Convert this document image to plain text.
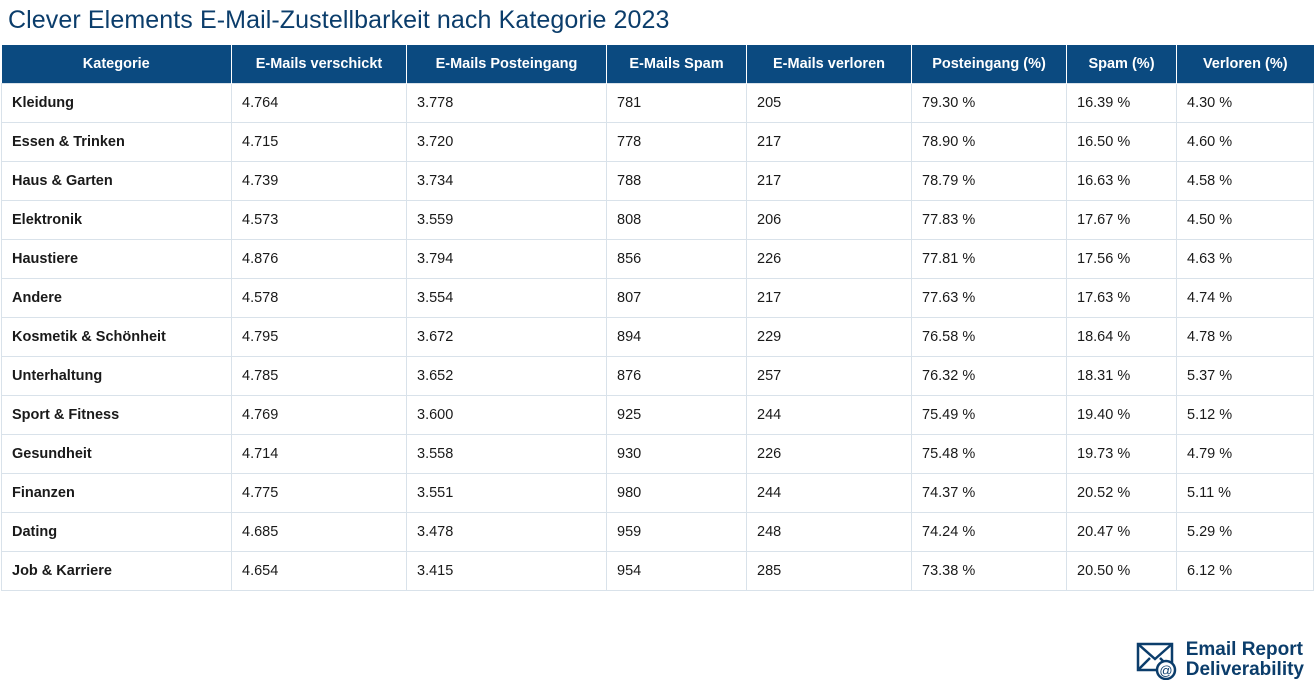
Clever Elements E-Mail-Zustellbarkeit nach Kategorie 2023
Kategorie	E-Mails verschickt	E-Mails Posteingang	E-Mails Spam	E-Mails verloren	Posteingang (%)	Spam (%)	Verloren (%)
Kleidung	4.764	3.778	781	205	79.30 %	16.39 %	4.30 %
Essen & Trinken	4.715	3.720	778	217	78.90 %	16.50 %	4.60 %
Haus & Garten	4.739	3.734	788	217	78.79 %	16.63 %	4.58 %
Elektronik	4.573	3.559	808	206	77.83 %	17.67 %	4.50 %
Haustiere	4.876	3.794	856	226	77.81 %	17.56 %	4.63 %
Andere	4.578	3.554	807	217	77.63 %	17.63 %	4.74 %
Kosmetik & Schönheit	4.795	3.672	894	229	76.58 %	18.64 %	4.78 %
Unterhaltung	4.785	3.652	876	257	76.32 %	18.31 %	5.37 %
Sport & Fitness	4.769	3.600	925	244	75.49 %	19.40 %	5.12 %
Gesundheit	4.714	3.558	930	226	75.48 %	19.73 %	4.79 %
Finanzen	4.775	3.551	980	244	74.37 %	20.52 %	5.11 %
Dating	4.685	3.478	959	248	74.24 %	20.47 %	5.29 %
Job & Karriere	4.654	3.415	954	285	73.38 %	20.50 %	6.12 %
@
Email Report
Deliverability
